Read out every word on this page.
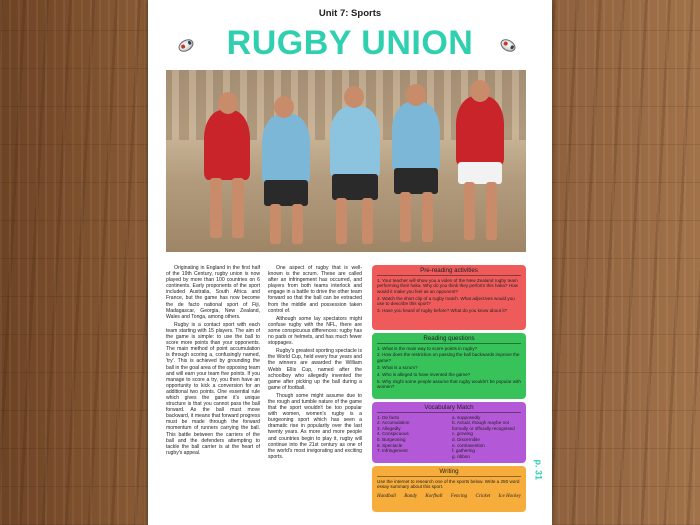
Unit 7: Sports
RUGBY UNION

Originating in England in the first half of the 19th Century, rugby union is now played by more than 100 countries on 6 continents. Early proponents of the sport included Australia, South Africa and France, but the game has now become the de facto national sport of Fiji, Madagascar, Georgia, New Zealand, Wales and Tonga, among others.

Rugby is a contact sport with each team starting with 15 players. The aim of the game is simple: to use the ball to score more points than your opponents. The main method of point accumulation is through scoring a, confusingly named, 'try'. This is achieved by grounding the ball in the goal area of the opposing team and will earn your team five points. If you manage to score a try, you then have an opportunity to kick a conversion for an additional two points. One essential rule which gives the game it's unique structure is that you cannot pass the ball forward. As the ball must move backward, it means that forward progress must be made through the forward momentum of runners carrying the ball. This battle between the carriers of the ball and the defenders attempting to tackle the ball carrier is at the heart of rugby's appeal.

One aspect of rugby that is well-known is the scrum. These are called after an infringement has occurred, and players from both teams interlock and engage in a battle to drive the other team forward so that the ball can be extracted from the middle and possession taken control of.

Although some lay spectators might confuse rugby with the NFL, there are some conspicuous differences: rugby has no pads or helmets, and has much fewer stoppages.

Rugby's greatest sporting spectacle is the World Cup, held every four years and the winners are awarded the William Webb Ellis Cup, named after the schoolboy who allegedly invented the game after picking up the ball during a game of football.

Though some might assume due to the rough and tumble nature of the game that the sport wouldn't be too popular with women, women's rugby is a burgeoning sport which has seen a dramatic rise in popularity over the last twenty years. As more and more people and countries begin to play it, rugby will continue into the 21st century as one of the world's most invigorating and exciting sports.

Pre-reading activities
1. Your teacher will show you a video of the New Zealand rugby team performing their haka. Why do you think they perform this haka? How would it make you feel as an opponent?
2. Watch the short clip of a rugby match. What adjectives would you use to describe this sport?
3. Have you heard of rugby before? What do you know about it?
Reading questions
1. What is the main way to score points in rugby?
2. How does the restriction on passing the ball backwards improve the game?
3. What is a scrum?
4. Who is alleged to have invented the game?
5. Why might some people assume that rugby wouldn't be popular with women?
Vocabulary Match
1. De facto
2. Accumulation
3. Allegedly
4. Conspicuous
5. Burgeoning
6. Spectacle
7. Infringement
a. supposedly
b. Actual, though maybe not formally or officially recognised
c. growing
d. Discernible
e. contravention
f. gathering
g. ribbon
Writing
Use the internet to research one of the sports below. Write a 250 word essay summary about this sport.
Handball Bandy Korfball Fencing Cricket Ice Hockey
p. 31
